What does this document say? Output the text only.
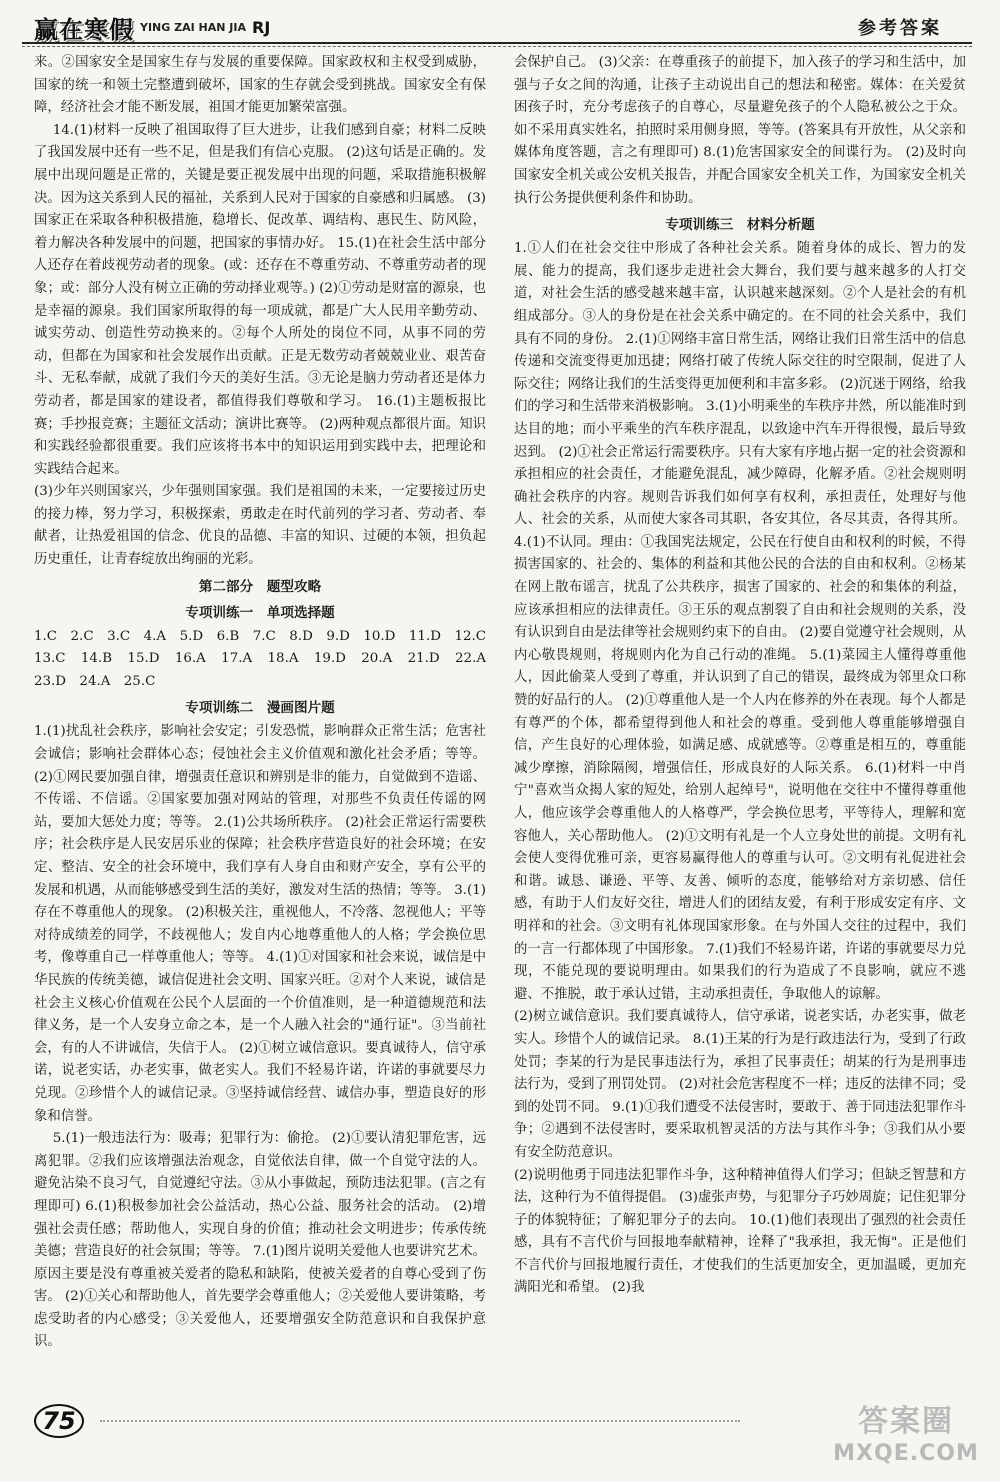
赢在寒假 YING ZAI HAN JIA RJ	参考答案

来。②国家安全是国家生存与发展的重要保障。国家政权和主权受到威胁，国家的统一和领土完整遭到破坏，国家的生存就会受到挑战。国家安全有保障，经济社会才能不断发展，祖国才能更加繁荣富强。

14.(1)材料一反映了祖国取得了巨大进步，让我们感到自豪；材料二反映了我国发展中还有一些不足，但是我们有信心克服。 (2)这句话是正确的。发展中出现问题是正常的，关键是要正视发展中出现的问题，采取措施积极解决。因为这关系到人民的福祉，关系到人民对于国家的自豪感和归属感。 (3)国家正在采取各种积极措施，稳增长、促改革、调结构、惠民生、防风险，着力解决各种发展中的问题，把国家的事情办好。 15.(1)在社会生活中部分人还存在着歧视劳动者的现象。(或：还存在不尊重劳动、不尊重劳动者的现象；或：部分人没有树立正确的劳动择业观等。) (2)①劳动是财富的源泉，也是幸福的源泉。我们国家所取得的每一项成就，都是广大人民用辛勤劳动、诚实劳动、创造性劳动换来的。②每个人所处的岗位不同，从事不同的劳动，但都在为国家和社会发展作出贡献。正是无数劳动者兢兢业业、艰苦奋斗、无私奉献，成就了我们今天的美好生活。③无论是脑力劳动者还是体力劳动者，都是国家的建设者，都值得我们尊敬和学习。 16.(1)主题板报比赛；手抄报竞赛；主题征文活动；演讲比赛等。 (2)两种观点都很片面。知识和实践经验都很重要。我们应该将书本中的知识运用到实践中去，把理论和实践结合起来。

(3)少年兴则国家兴，少年强则国家强。我们是祖国的未来，一定要接过历史的接力棒，努力学习，积极探索，勇敢走在时代前列的学习者、劳动者、奉献者，让热爱祖国的信念、优良的品德、丰富的知识、过硬的本领，担负起历史重任，让青春绽放出绚丽的光彩。

第二部分　题型攻略
专项训练一　单项选择题

1.C　2.C　3.C　4.A　5.D　6.B　7.C　8.D　9.D　10.D　11.D　12.C　13.C　14.B　15.D　16.A　17.A　18.A　19.D　20.A　21.D　22.A　23.D　24.A　25.C

专项训练二　漫画图片题

1.(1)扰乱社会秩序，影响社会安定；引发恐慌，影响群众正常生活；危害社会诚信；影响社会群体心态；侵蚀社会主义价值观和激化社会矛盾；等等。 (2)①网民要加强自律，增强责任意识和辨别是非的能力，自觉做到不造谣、不传谣、不信谣。②国家要加强对网站的管理，对那些不负责任传谣的网站，要加大惩处力度；等等。 2.(1)公共场所秩序。 (2)社会正常运行需要秩序；社会秩序是人民安居乐业的保障；社会秩序营造良好的社会环境；在安定、整洁、安全的社会环境中，我们享有人身自由和财产安全，享有公平的发展和机遇，从而能够感受到生活的美好，激发对生活的热情；等等。 3.(1)存在不尊重他人的现象。 (2)积极关注，重视他人，不冷落、忽视他人；平等对待成绩差的同学，不歧视他人；发自内心地尊重他人的人格；学会换位思考，像尊重自己一样尊重他人；等等。 4.(1)①对国家和社会来说，诚信是中华民族的传统美德，诚信促进社会文明、国家兴旺。②对个人来说，诚信是社会主义核心价值观在公民个人层面的一个价值准则，是一种道德规范和法律义务，是一个人安身立命之本，是一个人融入社会的"通行证"。③当前社会，有的人不讲诚信，失信于人。 (2)①树立诚信意识。要真诚待人，信守承诺，说老实话，办老实事，做老实人。我们不轻易许诺，许诺的事就要尽力兑现。②珍惜个人的诚信记录。③坚持诚信经营、诚信办事，塑造良好的形象和信誉。

5.(1)一般违法行为：吸毒；犯罪行为：偷抢。 (2)①要认清犯罪危害，远离犯罪。②我们应该增强法治观念，自觉依法自律，做一个自觉守法的人。避免沾染不良习气，自觉遵纪守法。③从小事做起，预防违法犯罪。(言之有理即可) 6.(1)积极参加社会公益活动，热心公益、服务社会的活动。 (2)增强社会责任感；帮助他人，实现自身的价值；推动社会文明进步；传承传统美德；营造良好的社会氛围；等等。 7.(1)图片说明关爱他人也要讲究艺术。原因主要是没有尊重被关爱者的隐私和缺陷，使被关爱者的自尊心受到了伤害。 (2)①关心和帮助他人，首先要学会尊重他人；②关爱他人要讲策略，考虑受助者的内心感受；③关爱他人，还要增强安全防范意识和自我保护意识。

会保护自己。 (3)父亲：在尊重孩子的前提下，加入孩子的学习和生活中，加强与子女之间的沟通，让孩子主动说出自己的想法和秘密。媒体：在关爱贫困孩子时，充分考虑孩子的自尊心，尽量避免孩子的个人隐私被公之于众。如不采用真实姓名，拍照时采用侧身照，等等。(答案具有开放性，从父亲和媒体角度答题，言之有理即可) 8.(1)危害国家安全的间谍行为。 (2)及时向国家安全机关或公安机关报告，并配合国家安全机关工作，为国家安全机关执行公务提供便利条件和协助。

专项训练三　材料分析题

1.①人们在社会交往中形成了各种社会关系。随着身体的成长、智力的发展、能力的提高，我们逐步走进社会大舞台，我们要与越来越多的人打交道，对社会生活的感受越来越丰富，认识越来越深刻。②个人是社会的有机组成部分。③人的身份是在社会关系中确定的。在不同的社会关系中，我们具有不同的身份。 2.(1)①网络丰富日常生活，网络让我们日常生活中的信息传递和交流变得更加迅捷；网络打破了传统人际交往的时空限制，促进了人际交往；网络让我们的生活变得更加便利和丰富多彩。 (2)沉迷于网络，给我们的学习和生活带来消极影响。 3.(1)小明乘坐的车秩序井然，所以能准时到达目的地；而小平乘坐的汽车秩序混乱，以致途中汽车开得很慢，最后导致迟到。 (2)①社会正常运行需要秩序。只有大家有序地占据一定的社会资源和承担相应的社会责任，才能避免混乱，减少障碍，化解矛盾。②社会规则明确社会秩序的内容。规则告诉我们如何享有权利，承担责任，处理好与他人、社会的关系，从而使大家各司其职，各安其位，各尽其责，各得其所。 4.(1)不认同。理由：①我国宪法规定，公民在行使自由和权利的时候，不得损害国家的、社会的、集体的利益和其他公民的合法的自由和权利。②杨某在网上散布谣言，扰乱了公共秩序，损害了国家的、社会的和集体的利益，应该承担相应的法律责任。③王乐的观点割裂了自由和社会规则的关系，没有认识到自由是法律等社会规则约束下的自由。 (2)要自觉遵守社会规则，从内心敬畏规则，将规则内化为自己行动的准绳。 5.(1)菜园主人懂得尊重他人，因此偷菜人受到了尊重，并认识到了自己的错误，最终成为邻里众口称赞的好品行的人。 (2)①尊重他人是一个人内在修养的外在表现。每个人都是有尊严的个体，都希望得到他人和社会的尊重。受到他人尊重能够增强自信，产生良好的心理体验，如满足感、成就感等。②尊重是相互的，尊重能减少摩擦，消除隔阂，增强信任，形成良好的人际关系。 6.(1)材料一中肖宁"喜欢当众揭人家的短处，给别人起绰号"，说明他在交往中不懂得尊重他人，他应该学会尊重他人的人格尊严，学会换位思考，平等待人，理解和宽容他人，关心帮助他人。 (2)①文明有礼是一个人立身处世的前提。文明有礼会使人变得优雅可亲，更容易赢得他人的尊重与认可。②文明有礼促进社会和谐。诚恳、谦逊、平等、友善、倾听的态度，能够给对方亲切感、信任感，有助于人们友好交往，增进人们的团结友爱，有利于形成安定有序、文明祥和的社会。③文明有礼体现国家形象。在与外国人交往的过程中，我们的一言一行都体现了中国形象。 7.(1)我们不轻易许诺，许诺的事就要尽力兑现，不能兑现的要说明理由。如果我们的行为造成了不良影响，就应不逃避、不推脱，敢于承认过错，主动承担责任，争取他人的谅解。

(2)树立诚信意识。我们要真诚待人，信守承诺，说老实话，办老实事，做老实人。珍惜个人的诚信记录。 8.(1)王某的行为是行政违法行为，受到了行政处罚；李某的行为是民事违法行为，承担了民事责任；胡某的行为是刑事违法行为，受到了刑罚处罚。 (2)对社会危害程度不一样；违反的法律不同；受到的处罚不同。 9.(1)①我们遭受不法侵害时，要敢于、善于同违法犯罪作斗争；②遇到不法侵害时，要采取机智灵活的方法与其作斗争；③我们从小要有安全防范意识。

(2)说明他勇于同违法犯罪作斗争，这种精神值得人们学习；但缺乏智慧和方法，这种行为不值得提倡。 (3)虚张声势，与犯罪分子巧妙周旋；记住犯罪分子的体貌特征；了解犯罪分子的去向。 10.(1)他们表现出了强烈的社会责任感，具有不言代价与回报地奉献精神，诠释了"我承担，我无悔"。正是他们不言代价与回报地履行责任，才使我们的生活更加安全，更加温暖，更加充满阳光和希望。 (2)我

75	答案圈
MXQE.COM
